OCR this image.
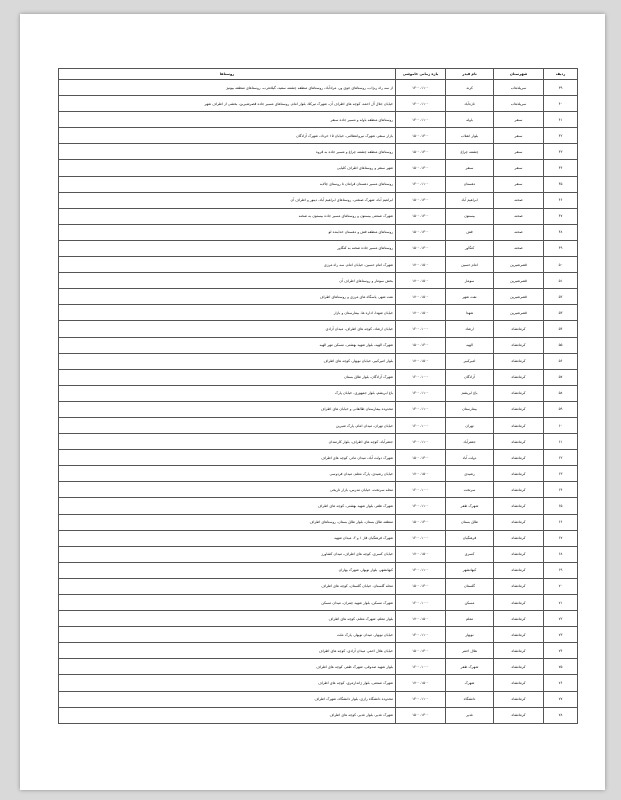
ردیف	شهرستان	نام فیدر	بازه زمانی خاموشی	روستاها
۳۹	سرپلذهاب	کرند	۱۳۰۰-۱۱۰۰	از سه راه ریژاب، روستاهای جوی ور، مرادآباد، روستاهای منطقه چشمه سفید، گیلانغرب، روستاهای منطقه بیونیژ
۴۰	سرپلذهاب	تازه‌آباد	۱۳۰۰-۱۱۰۰	خیابان جلال آل احمد، کوچه های اطراف آن، شهرک تیرکلا، بلوار امام، روستاهای مسیر جاده قصرشیرین، بخشی از اطراف شهر
۴۱	سنقر	باوله	۱۳۰۰-۱۱۰۰	روستاهای منطقه باوله و مسیر جاده سنقر
۴۲	سنقر	بلوار انقلاب	۱۵۰۰-۱۳۰۰	بازار سنقر، شهرک نیروانتظامی، خیابان ۱۵ خرداد، شهرک آزادگان
۴۳	سنقر	چشمه چراغ	۱۵۰۰-۱۳۰۰	روستاهای منطقه چشمه چراغ و مسیر جاده به قروه
۴۴	سنقر	سنقر	۱۵۰۰-۱۳۰۰	شهر سنقر و روستاهای اطراف کلیایی
۴۵	سنقر	دهستان	۱۳۰۰-۱۱۰۰	روستاهای مسیر دهستان فرامان تا روستای چالابه
۴۶	صحنه	ابراهیم آباد	۱۵۰۰-۱۳۰۰	ابراهیم آباد، شهرک صنعتی، روستاهای ابراهیم آباد، دینور و اطراف آن
۴۷	صحنه	بیستون	۱۵۰۰-۱۳۰۰	شهرک صنعتی بیستون و روستاهای مسیر جاده بیستون به صحنه
۴۸	صحنه	فش	۱۵۰۰-۱۳۰۰	روستاهای منطقه فش و دهستان خدابنده لو
۴۹	صحنه	کنگاور	۱۵۰۰-۱۳۰۰	روستاهای مسیر جاده صحنه به کنگاور
۵۰	قصرشیرین	امام حسین	۱۷۰۰-۱۵۰۰	شهرک امام حسین، خیابان امام، سه راه مرزی
۵۱	قصرشیرین	سومار	۱۷۰۰-۱۵۰۰	بخش سومار و روستاهای اطراف آن
۵۲	قصرشیرین	نفت شهر	۱۷۰۰-۱۵۰۰	نفت شهر، پاسگاه های مرزی و روستاهای اطراف
۵۳	قصرشیرین	شهدا	۱۷۰۰-۱۵۰۰	خیابان شهدا، اداره ها، بیمارستان و بازار
۵۴	کرمانشاه	ارشاد	۱۲۰۰-۱۰۰۰	خیابان ارشاد، کوچه های اطراف، میدان آزادی
۵۵	کرمانشاه	الهیه	۱۵۰۰-۱۳۰۰	شهرک الهیه، بلوار شهید بهشتی، مسکن مهر الهیه
۵۶	کرمانشاه	امیرکبیر	۱۷۰۰-۱۵۰۰	بلوار امیرکبیر، خیابان نوبهار، کوچه های اطراف
۵۷	کرمانشاه	آزادگان	۱۲۰۰-۱۰۰۰	شهرک آزادگان، بلوار طاق بستان
۵۸	کرمانشاه	باغ ابریشم	۱۳۰۰-۱۱۰۰	باغ ابریشم، بلوار جمهوری، خیابان پارک
۵۹	کرمانشاه	بیمارستان	۱۳۰۰-۱۱۰۰	محدوده بیمارستان طالقانی و خیابان های اطراف
۶۰	کرمانشاه	تهران	۱۲۰۰-۱۰۰۰	خیابان تهران، میدان امام، پارک شیرین
۶۱	کرمانشاه	جعفرآباد	۱۳۰۰-۱۱۰۰	جعفرآباد، کوچه های اطراف، بلوار کارمندان
۶۲	کرمانشاه	دولت آباد	۱۵۰۰-۱۳۰۰	شهرک دولت آباد، میدان مادر، کوچه های اطراف
۶۳	کرمانشاه	رشیدی	۱۷۰۰-۱۵۰۰	خیابان رشیدی، پارک معلم، میدان فردوسی
۶۴	کرمانشاه	سرتخت	۱۲۰۰-۱۰۰۰	محله سرتخت، خیابان مدرس، بازار تاریخی
۶۵	کرمانشاه	شهرک ظفر	۱۳۰۰-۱۱۰۰	شهرک ظفر، بلوار شهید بهشتی، کوچه های اطراف
۶۶	کرمانشاه	طاق بستان	۱۵۰۰-۱۳۰۰	منطقه طاق بستان، بلوار طاق بستان، روستاهای اطراف
۶۷	کرمانشاه	فرهنگیان	۱۲۰۰-۱۰۰۰	شهرک فرهنگیان فاز ۱ و ۲، میدان شهید
۶۸	کرمانشاه	کسری	۱۷۰۰-۱۵۰۰	خیابان کسری، کوچه های اطراف، میدان کشاورز
۶۹	کرمانشاه	کیهانشهر	۱۳۰۰-۱۱۰۰	کیهانشهر، بلوار نوبهار، شهرک بهاران
۷۰	کرمانشاه	گلستان	۱۵۰۰-۱۳۰۰	محله گلستان، خیابان گلستان، کوچه های اطراف
۷۱	کرمانشاه	مسکن	۱۲۰۰-۱۰۰۰	شهرک مسکن، بلوار شهید چمران، میدان مسکن
۷۲	کرمانشاه	معلم	۱۷۰۰-۱۵۰۰	بلوار معلم، شهرک معلم، کوچه های اطراف
۷۳	کرمانشاه	نوبهار	۱۳۰۰-۱۱۰۰	خیابان نوبهار، میدان نوبهار، پارک ملت
۷۴	کرمانشاه	هلال احمر	۱۵۰۰-۱۳۰۰	خیابان هلال احمر، میدان آزادی، کوچه های اطراف
۷۵	کرمانشاه	شهرک ظفر	۱۲۰۰-۱۰۰۰	بلوار شهید صدوقی، شهرک ظفر، کوچه های اطراف
۷۶	کرمانشاه	شهرک	۱۷۰۰-۱۵۰۰	شهرک صنعتی، بلوار ژاندارمری، کوچه های اطراف
۷۷	کرمانشاه	دانشگاه	۱۳۰۰-۱۱۰۰	محدوده دانشگاه رازی، بلوار دانشگاه، شهرک اطراف
۷۸	کرمانشاه	غدیر	۱۵۰۰-۱۳۰۰	شهرک غدیر، بلوار غدیر، کوچه های اطراف
